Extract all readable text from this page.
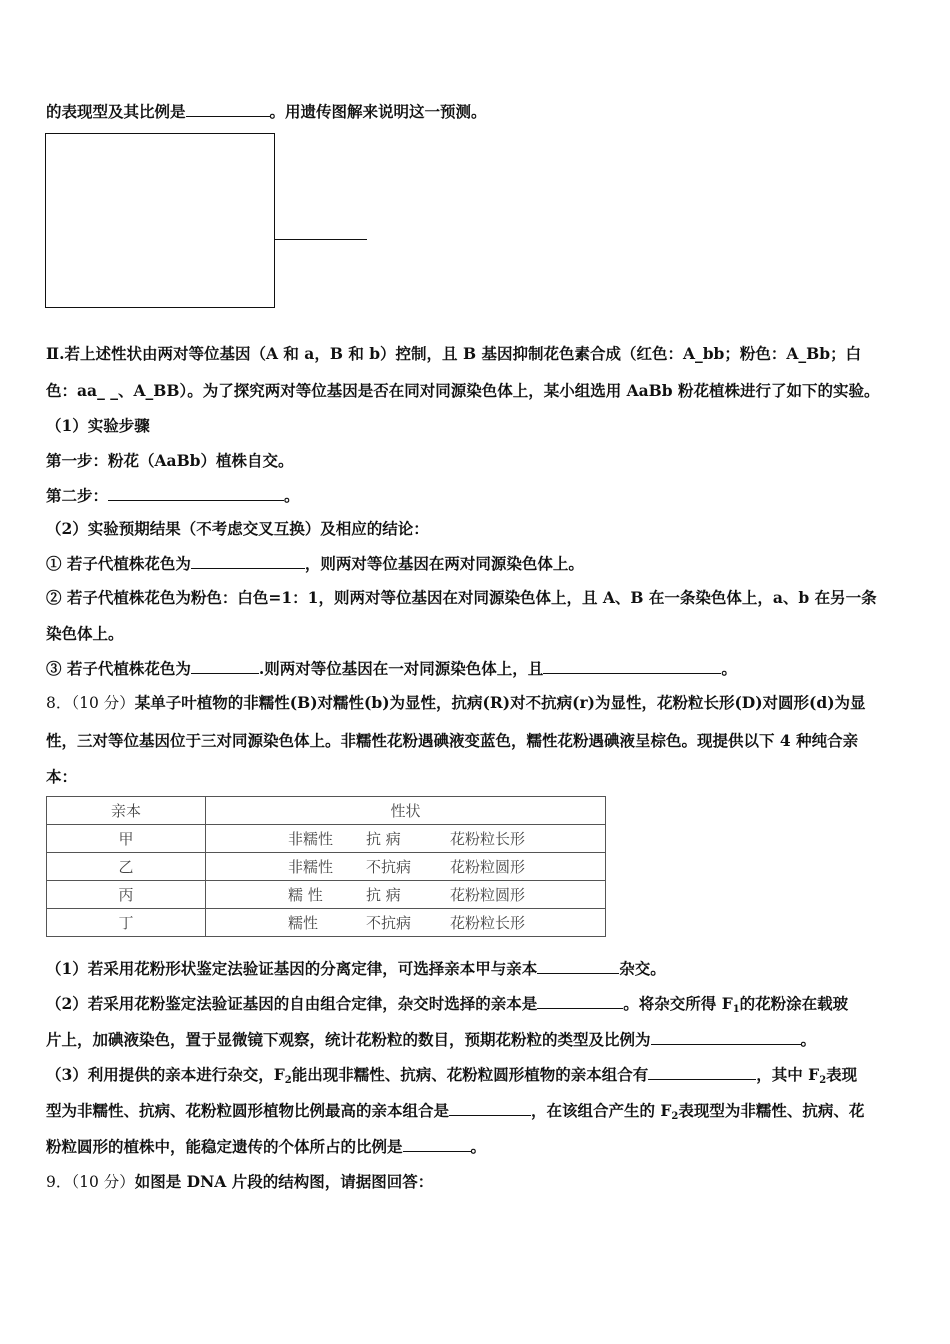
的表现型及其比例是	。用遗传图解来说明这一预测。
Ⅱ.若上述性状由两对等位基因（A 和 a，B 和 b）控制，且 B 基因抑制花色素合成（红色：A_bb；粉色：A_Bb；白
色：aa_ _、A_BB）。为了探究两对等位基因是否在同对同源染色体上，某小组选用 AaBb 粉花植株进行了如下的实验。
（1）实验步骤
第一步：粉花（AaBb）植株自交。
第二步：	。
（2）实验预期结果（不考虑交叉互换）及相应的结论：
① 若子代植株花色为	，则两对等位基因在两对同源染色体上。
② 若子代植株花色为粉色：白色=1：1，则两对等位基因在对同源染色体上，且 A、B 在一条染色体上，a、b 在另一条
染色体上。
③ 若子代植株花色为	.则两对等位基因在一对同源染色体上，且	。
8．（10 分）某单子叶植物的非糯性(B)对糯性(b)为显性，抗病(R)对不抗病(r)为显性，花粉粒长形(D)对圆形(d)为显
性，三对等位基因位于三对同源染色体上。非糯性花粉遇碘液变蓝色，糯性花粉遇碘液呈棕色。现提供以下 4 种纯合亲
本：
亲本	性状
甲	非糯性 抗 病 花粉粒长形
乙	非糯性 不抗病 花粉粒圆形
丙	糯 性 抗 病 花粉粒圆形
丁	糯性 不抗病 花粉粒长形
（1）若采用花粉形状鉴定法验证基因的分离定律，可选择亲本甲与亲本	杂交。
（2）若采用花粉鉴定法验证基因的自由组合定律，杂交时选择的亲本是	。将杂交所得 $F_1$的花粉涂在载玻
片上，加碘液染色，置于显微镜下观察，统计花粉粒的数目，预期花粉粒的类型及比例为	。
（3）利用提供的亲本进行杂交，$F_2$能出现非糯性、抗病、花粉粒圆形植物的亲本组合有	，其中 $F_2$表现
型为非糯性、抗病、花粉粒圆形植物比例最高的亲本组合是	，在该组合产生的 $F_2$表现型为非糯性、抗病、花
粉粒圆形的植株中，能稳定遗传的个体所占的比例是	。
9．（10 分）如图是 DNA 片段的结构图，请据图回答：
